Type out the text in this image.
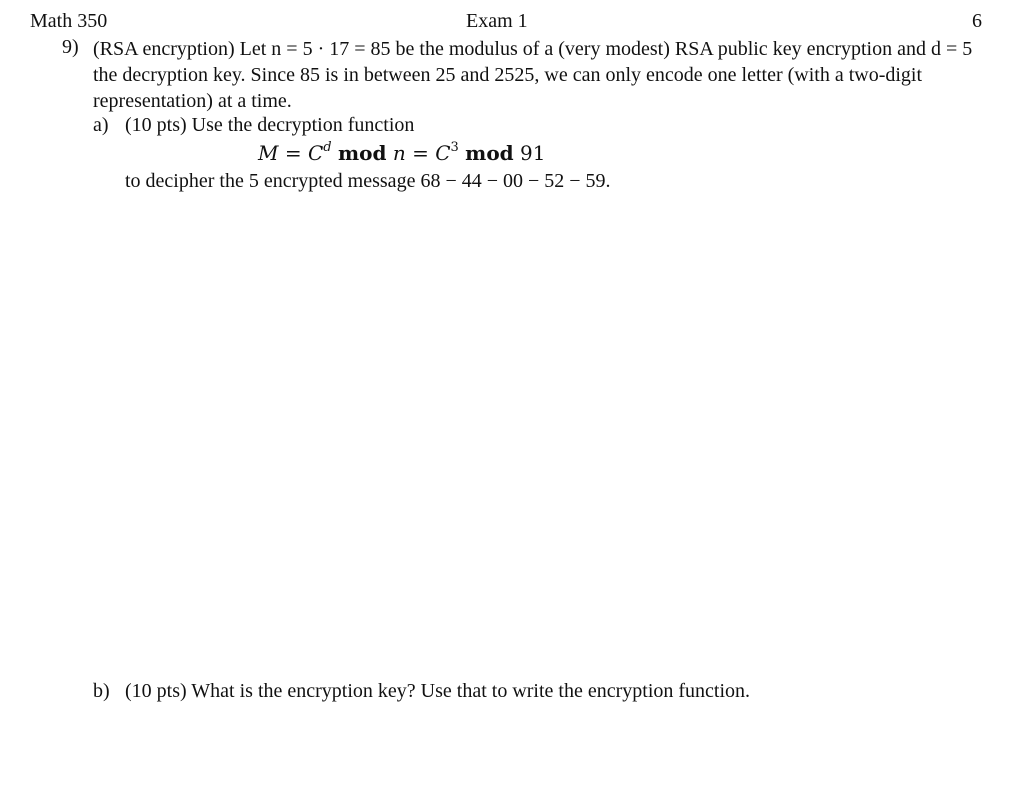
Math 350	Exam 1	6
9) (RSA encryption) Let n = 5 · 17 = 85 be the modulus of a (very modest) RSA public key encryption and d = 5 the decryption key. Since 85 is in between 25 and 2525, we can only encode one letter (with a two-digit representation) at a time.
a) (10 pts) Use the decryption function
$M = C^d$ mod $n = C^3$ mod 91
to decipher the 5 encrypted message 68 − 44 − 00 − 52 − 59.
b) (10 pts) What is the encryption key? Use that to write the encryption function.
